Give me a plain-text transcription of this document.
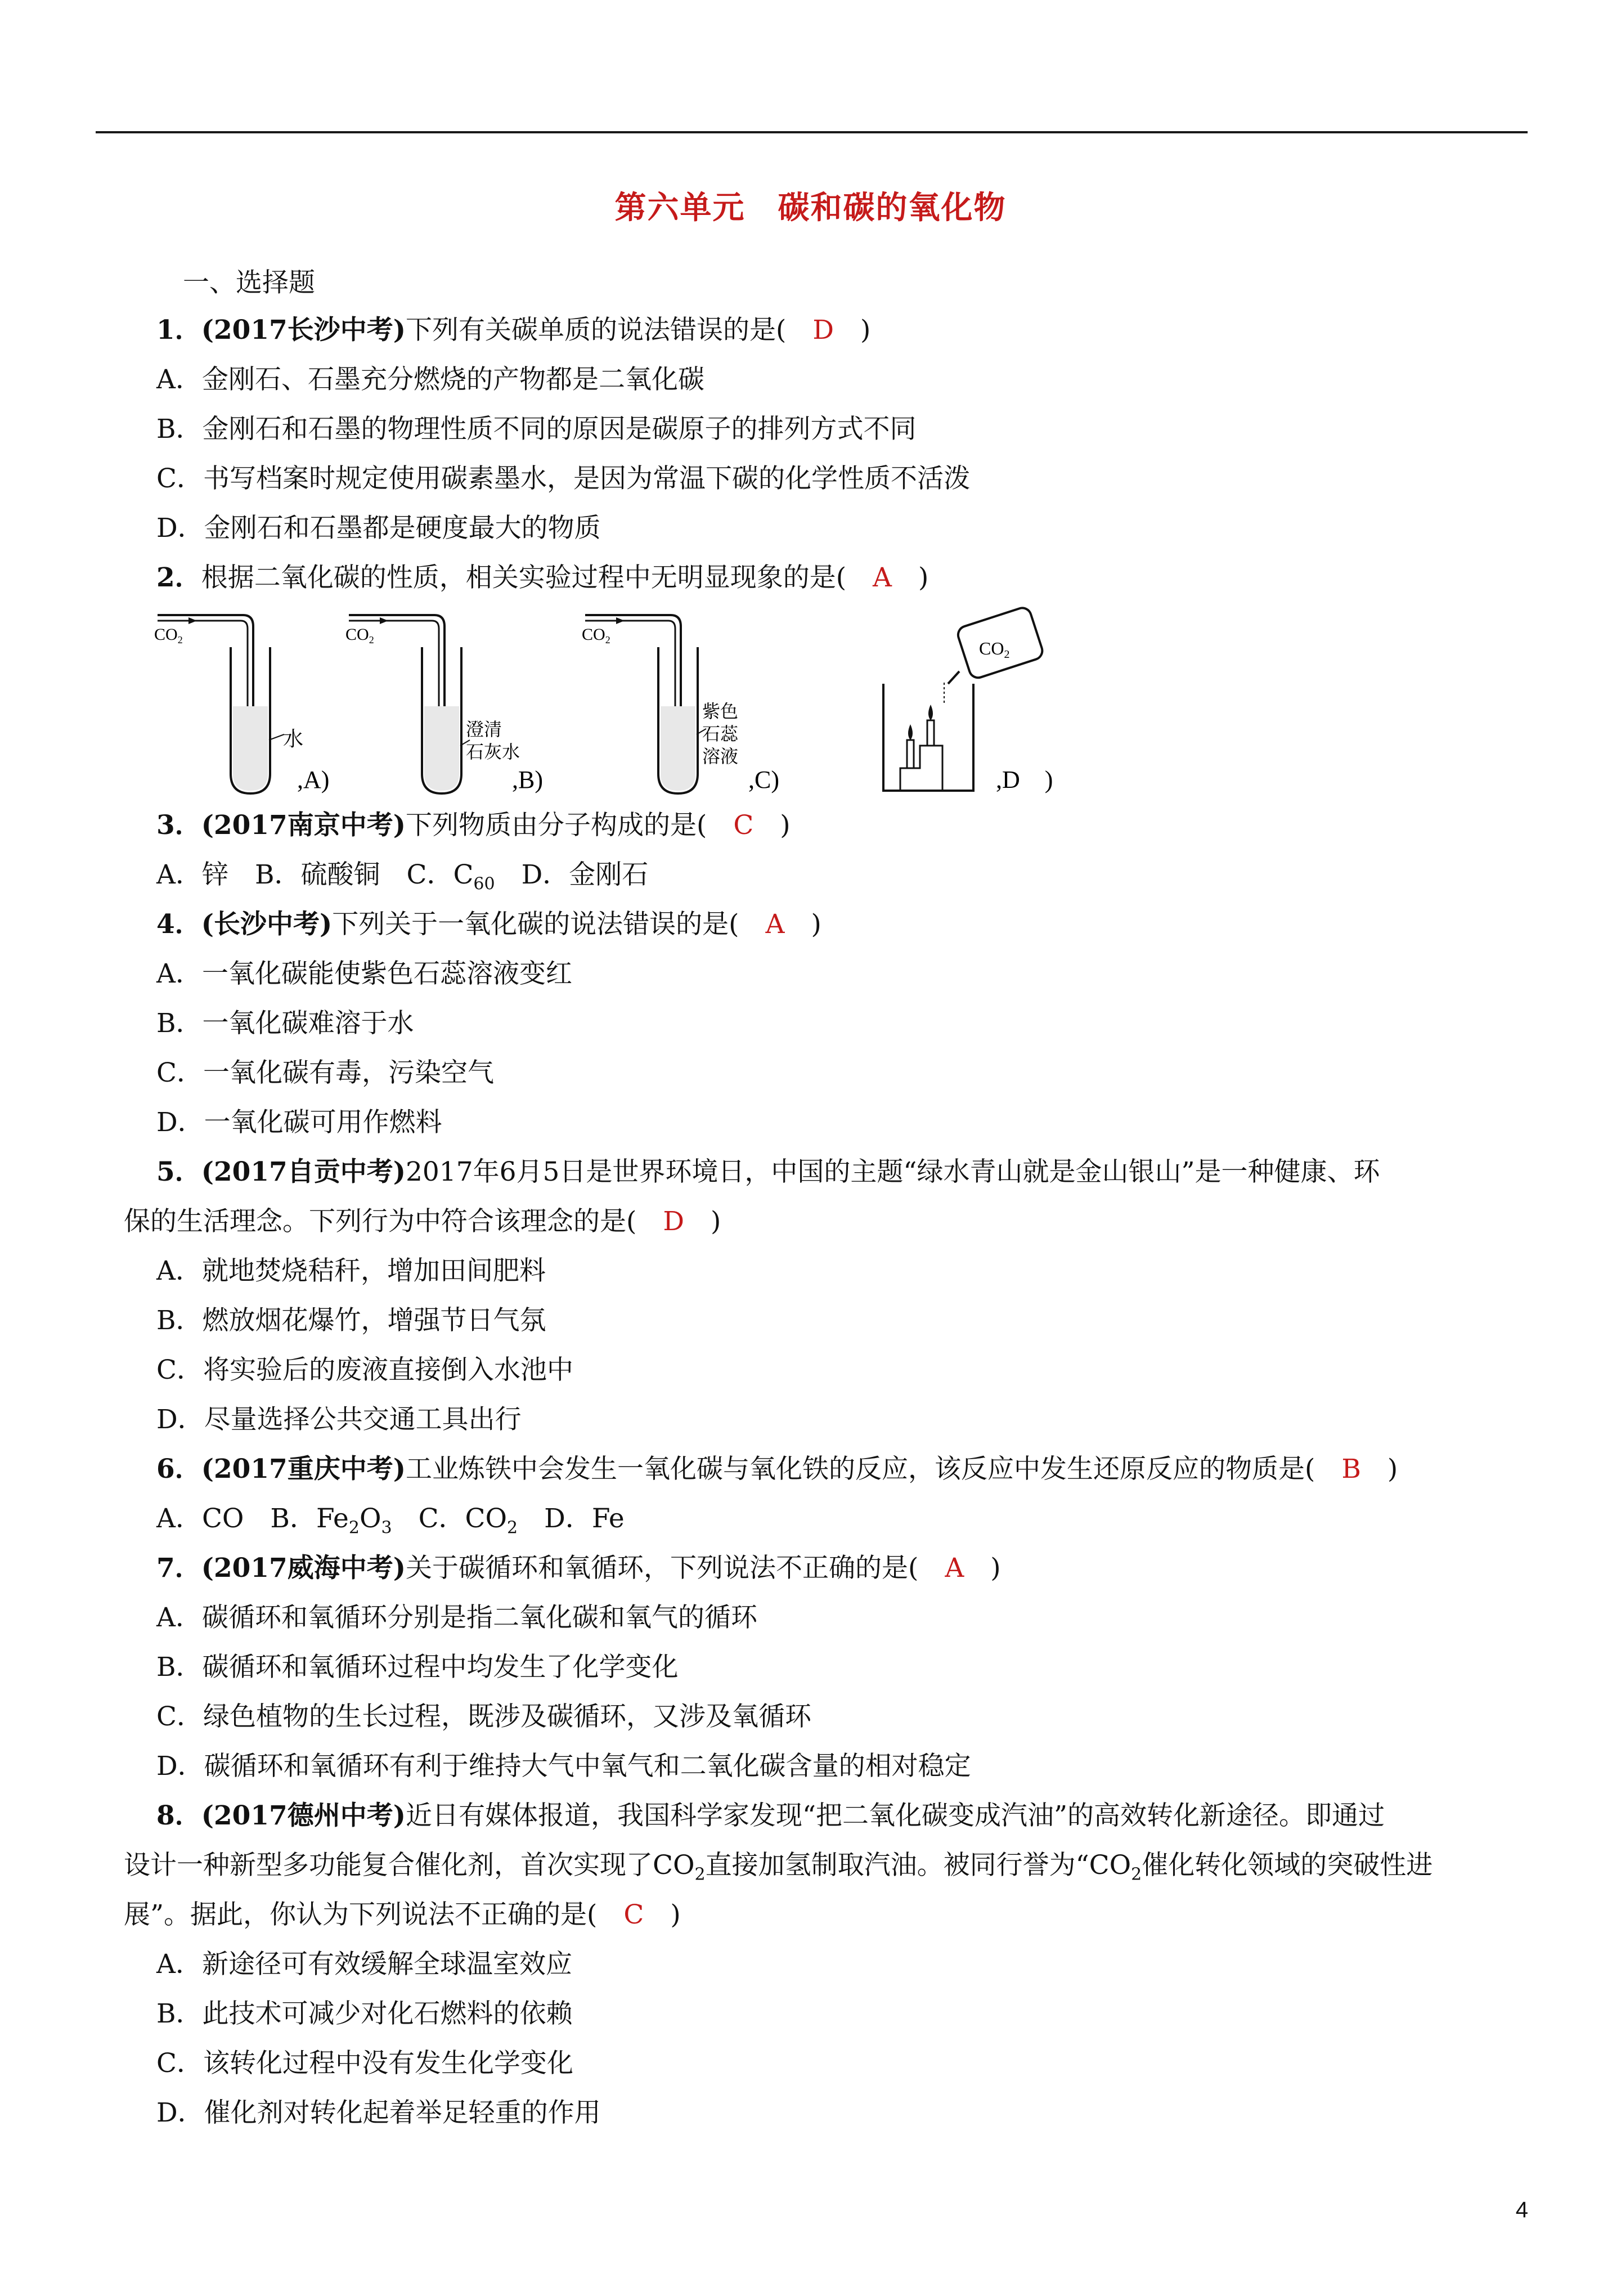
第六单元　碳和碳的氧化物
一、选择题
1．(2017长沙中考)下列有关碳单质的说法错误的是(　D　)
A．金刚石、石墨充分燃烧的产物都是二氧化碳
B．金刚石和石墨的物理性质不同的原因是碳原子的排列方式不同
C．书写档案时规定使用碳素墨水，是因为常温下碳的化学性质不活泼
D．金刚石和石墨都是硬度最大的物质
2．根据二氧化碳的性质，相关实验过程中无明显现象的是(　A　)
$CO_2$
水
,A)
$CO_2$
澄清
石灰水
,B)
$CO_2$
紫色
石蕊
溶液
,C)
CO2
,D　)
3．(2017南京中考)下列物质由分子构成的是(　C　)
A．锌　B．硫酸铜　C．$C_{60}$　D．金刚石
4．(长沙中考)下列关于一氧化碳的说法错误的是(　A　)
A．一氧化碳能使紫色石蕊溶液变红
B．一氧化碳难溶于水
C．一氧化碳有毒，污染空气
D．一氧化碳可用作燃料
5．(2017自贡中考)2017年6月5日是世界环境日，中国的主题“绿水青山就是金山银山”是一种健康、环
保的生活理念。下列行为中符合该理念的是(　D　)
A．就地焚烧秸秆，增加田间肥料
B．燃放烟花爆竹，增强节日气氛
C．将实验后的废液直接倒入水池中
D．尽量选择公共交通工具出行
6．(2017重庆中考)工业炼铁中会发生一氧化碳与氧化铁的反应，该反应中发生还原反应的物质是(　B　)
A．CO　B．$Fe_2O_3$　C．$CO_2$　D．Fe
7．(2017威海中考)关于碳循环和氧循环，下列说法不正确的是(　A　)
A．碳循环和氧循环分别是指二氧化碳和氧气的循环
B．碳循环和氧循环过程中均发生了化学变化
C．绿色植物的生长过程，既涉及碳循环，又涉及氧循环
D．碳循环和氧循环有利于维持大气中氧气和二氧化碳含量的相对稳定
8．(2017德州中考)近日有媒体报道，我国科学家发现“把二氧化碳变成汽油”的高效转化新途径。即通过
设计一种新型多功能复合催化剂，首次实现了$CO_2$直接加氢制取汽油。被同行誉为“$CO_2$催化转化领域的突破性进
展”。据此，你认为下列说法不正确的是(　C　)
A．新途径可有效缓解全球温室效应
B．此技术可减少对化石燃料的依赖
C．该转化过程中没有发生化学变化
D．催化剂对转化起着举足轻重的作用
4
